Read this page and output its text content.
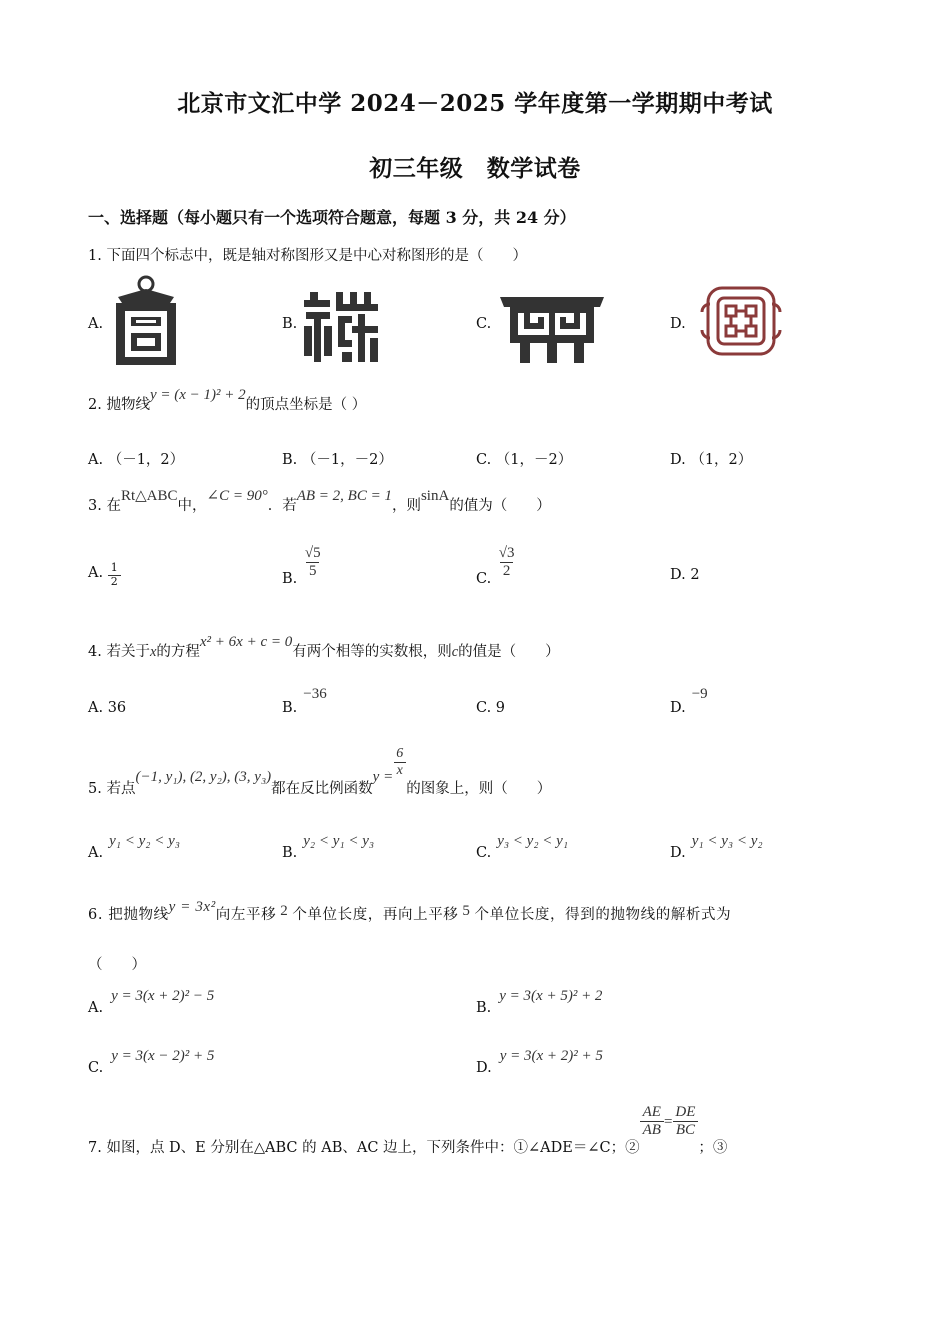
北京市文汇中学 2024－2025 学年度第一学期期中考试
初三年级　数学试卷
一、选择题（每小题只有一个选项符合题意，每题 3 分，共 24 分）
1. 下面四个标志中，既是轴对称图形又是中心对称图形的是（　　）
A.	B.	C.	D.
2. 抛物线y = (x − 1)² + 2的顶点坐标是（ ）
A. （－1，2）	B. （－1，－2）	C. （1，－2）	D. （1，2）
3. 在Rt△ABC中，∠C = 90°．若AB = 2, BC = 1，则sinA的值为（　　）
A. $\frac{1}{2}$	B. $\frac{√5}{5}$	C. $\frac{√3}{2}$	D. 2
4. 若关于x的方程x² + 6x + c = 0有两个相等的实数根，则c的值是（　　）
A. 36	B.−36
C. 9	D.−9
5. 若点(−1, y₁), (2, y₂), (3, y₃)都在反比例函数$y = \frac{6}{x}$
的图象上，则（　　）
A.y₁ < y₂ < y₃
B.y₂ < y₁ < y₃
C.y₃ < y₂ < y₁
D.y₁ < y₃ < y₂
6. 把抛物线y = 3x²向左平移 2 个单位长度，再向上平移 5 个单位长度，得到的抛物线的解析式为
（　　）
A.y = 3(x + 2)² − 5
B.y = 3(x + 5)² + 2
C.y = 3(x − 2)² + 5
D.y = 3(x + 2)² + 5
7. 如图，点 D、E 分别在△ABC 的 AB、AC 边上，下列条件中：①∠ADE＝∠C；②
$\frac{AE}{AB} = \frac{DE}{BC}$
；③
